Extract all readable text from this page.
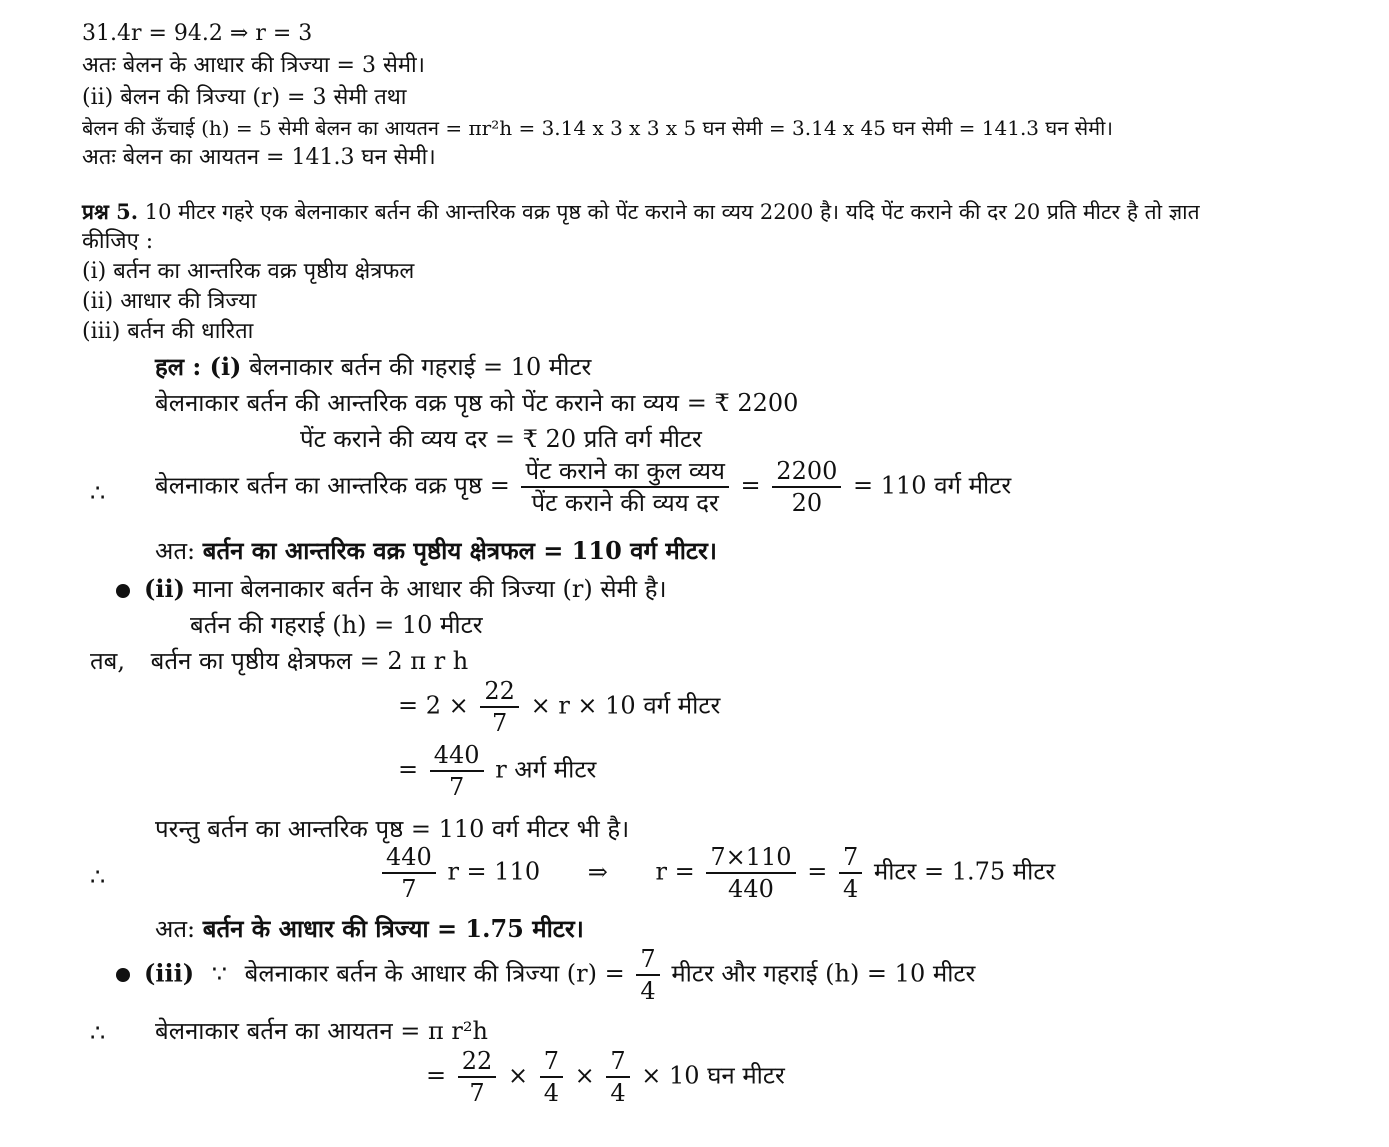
31.4r = 94.2 ⇒ r = 3
अतः बेलन के आधार की त्रिज्या = 3 सेमी।
(ii) बेलन की त्रिज्या (r) = 3 सेमी तथा
बेलन की ऊँचाई (h) = 5 सेमी बेलन का आयतन = πr²h = 3.14 x 3 x 3 x 5 घन सेमी = 3.14 x 45 घन सेमी = 141.3 घन सेमी।
अतः बेलन का आयतन = 141.3 घन सेमी।
प्रश्न 5. 10 मीटर गहरे एक बेलनाकार बर्तन की आन्तरिक वक्र पृष्ठ को पेंट कराने का व्यय 2200 है। यदि पेंट कराने की दर 20 प्रति मीटर है तो ज्ञात
कीजिए :
(i) बर्तन का आन्तरिक वक्र पृष्ठीय क्षेत्रफल
(ii) आधार की त्रिज्या
(iii) बर्तन की धारिता
हल : (i) बेलनाकार बर्तन की गहराई = 10 मीटर
बेलनाकार बर्तन की आन्तरिक वक्र पृष्ठ को पेंट कराने का व्यय = ₹ 2200
पेंट कराने की व्यय दर = ₹ 20 प्रति वर्ग मीटर
∴ बेलनाकार बर्तन का आन्तरिक वक्र पृष्ठ = $\frac{\text{पेंट कराने का कुल व्यय}}{\text{पेंट कराने की व्यय दर}} = \frac{2200}{20} = 110$ वर्ग मीटर
अत: बर्तन का आन्तरिक वक्र पृष्ठीय क्षेत्रफल = 110 वर्ग मीटर।
(ii) माना बेलनाकार बर्तन के आधार की त्रिज्या (r) सेमी है।
बर्तन की गहराई (h) = 10 मीटर
तब, बर्तन का पृष्ठीय क्षेत्रफल = 2 π r h
= $2 \times \frac{22}{7} \times r \times 10$ वर्ग मीटर
= $\frac{440}{7}$ r अर्ग मीटर
परन्तु बर्तन का आन्तरिक पृष्ठ = 110 वर्ग मीटर भी है।
∴	$\frac{440}{7}$ r = 110 ⇒ $r = \frac{7\times 110}{440} = \frac{7}{4}$ मीटर = 1.75 मीटर
अत: बर्तन के आधार की त्रिज्या = 1.75 मीटर।
(iii) ∵ बेलनाकार बर्तन के आधार की त्रिज्या $(r) = \frac{7}{4}$ मीटर और गहराई (h) = 10 मीटर
∴ बेलनाकार बर्तन का आयतन = π r²h
= $\frac{22}{7} \times \frac{7}{4} \times \frac{7}{4} \times 10$ घन मीटर
